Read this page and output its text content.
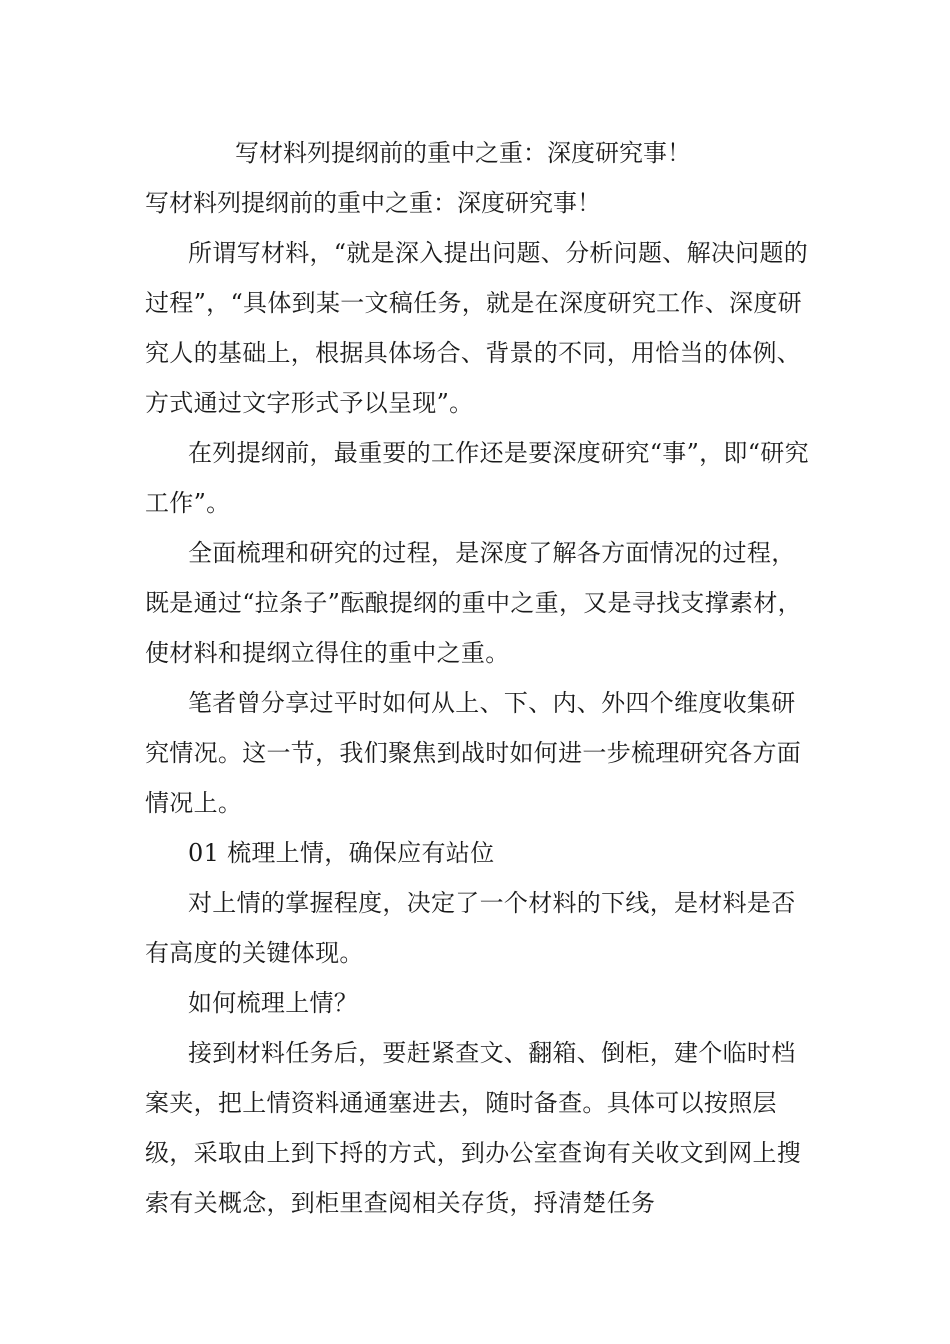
写材料列提纲前的重中之重：深度研究事！

写材料列提纲前的重中之重：深度研究事！

所谓写材料，“就是深入提出问题、分析问题、解决问题的过程”，“具体到某一文稿任务，就是在深度研究工作、深度研究人的基础上，根据具体场合、背景的不同，用恰当的体例、方式通过文字形式予以呈现”。

在列提纲前，最重要的工作还是要深度研究“事”，即“研究工作”。

全面梳理和研究的过程，是深度了解各方面情况的过程，既是通过“拉条子”酝酿提纲的重中之重，又是寻找支撑素材，使材料和提纲立得住的重中之重。

笔者曾分享过平时如何从上、下、内、外四个维度收集研究情况。这一节，我们聚焦到战时如何进一步梳理研究各方面情况上。

01 梳理上情，确保应有站位

对上情的掌握程度，决定了一个材料的下线，是材料是否有高度的关键体现。

如何梳理上情？

接到材料任务后，要赶紧查文、翻箱、倒柜，建个临时档案夹，把上情资料通通塞进去，随时备查。具体可以按照层级，采取由上到下捋的方式，到办公室查询有关收文到网上搜索有关概念，到柜里查阅相关存货，捋清楚任务
